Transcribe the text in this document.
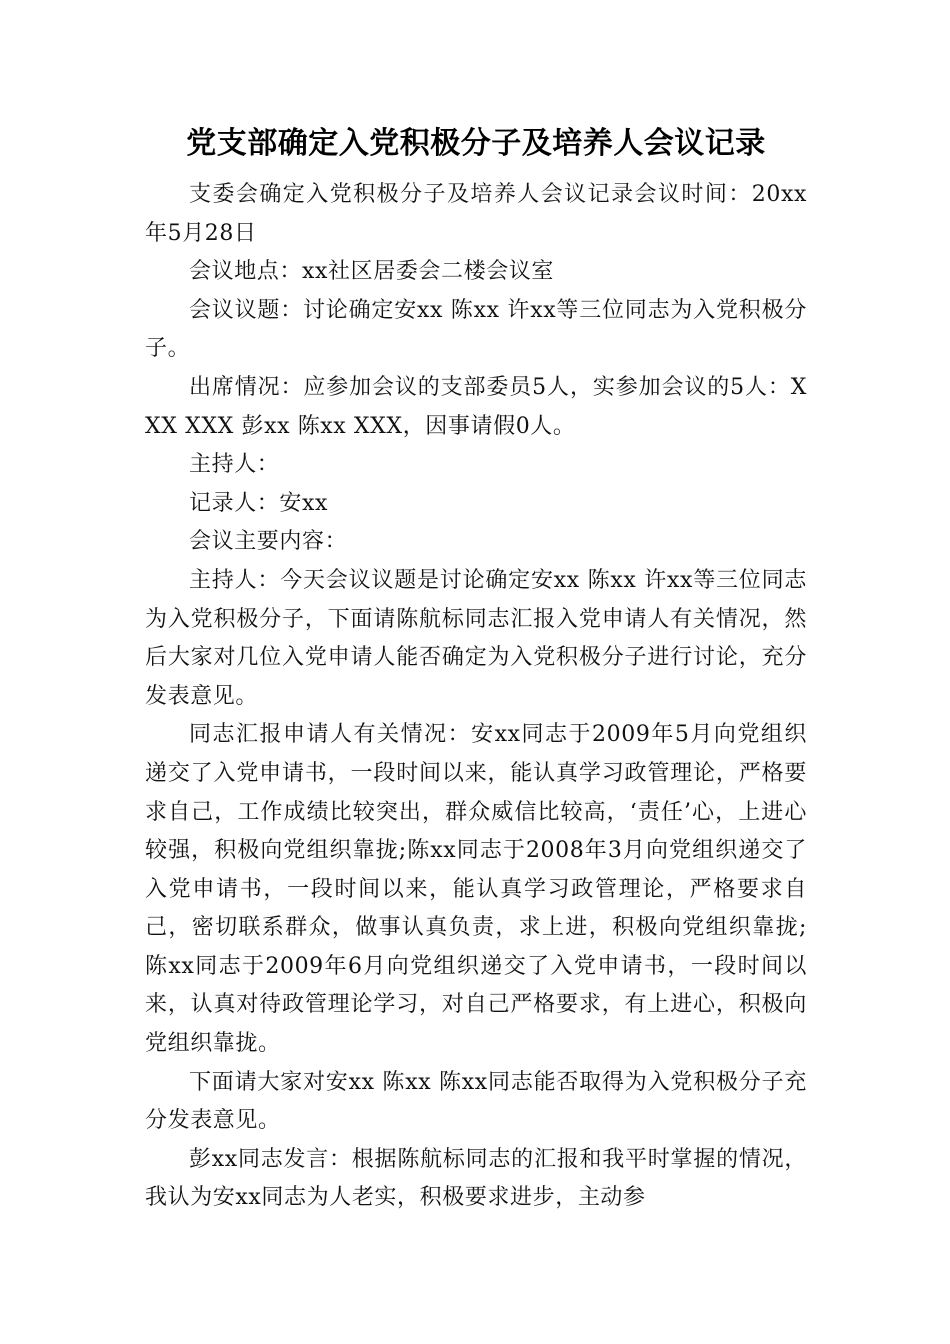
党支部确定入党积极分子及培养人会议记录

支委会确定入党积极分子及培养人会议记录会议时间：20xx年5月28日

会议地点：xx社区居委会二楼会议室

会议议题：讨论确定安xx 陈xx 许xx等三位同志为入党积极分子。

出席情况：应参加会议的支部委员5人，实参加会议的5人：XXX XXX 彭xx 陈xx XXX，因事请假0人。

主持人：

记录人：安xx

会议主要内容：

主持人：今天会议议题是讨论确定安xx 陈xx 许xx等三位同志为入党积极分子，下面请陈航标同志汇报入党申请人有关情况，然后大家对几位入党申请人能否确定为入党积极分子进行讨论，充分发表意见。

同志汇报申请人有关情况：安xx同志于2009年5月向党组织递交了入党申请书，一段时间以来，能认真学习政管理论，严格要求自己，工作成绩比较突出，群众威信比较高，‘责任’心，上进心较强，积极向党组织靠拢;陈xx同志于2008年3月向党组织递交了入党申请书，一段时间以来，能认真学习政管理论，严格要求自己，密切联系群众，做事认真负责，求上进，积极向党组织靠拢;陈xx同志于2009年6月向党组织递交了入党申请书，一段时间以来，认真对待政管理论学习，对自己严格要求，有上进心，积极向党组织靠拢。

下面请大家对安xx 陈xx 陈xx同志能否取得为入党积极分子充分发表意见。

彭xx同志发言：根据陈航标同志的汇报和我平时掌握的情况，我认为安xx同志为人老实，积极要求进步，主动参
